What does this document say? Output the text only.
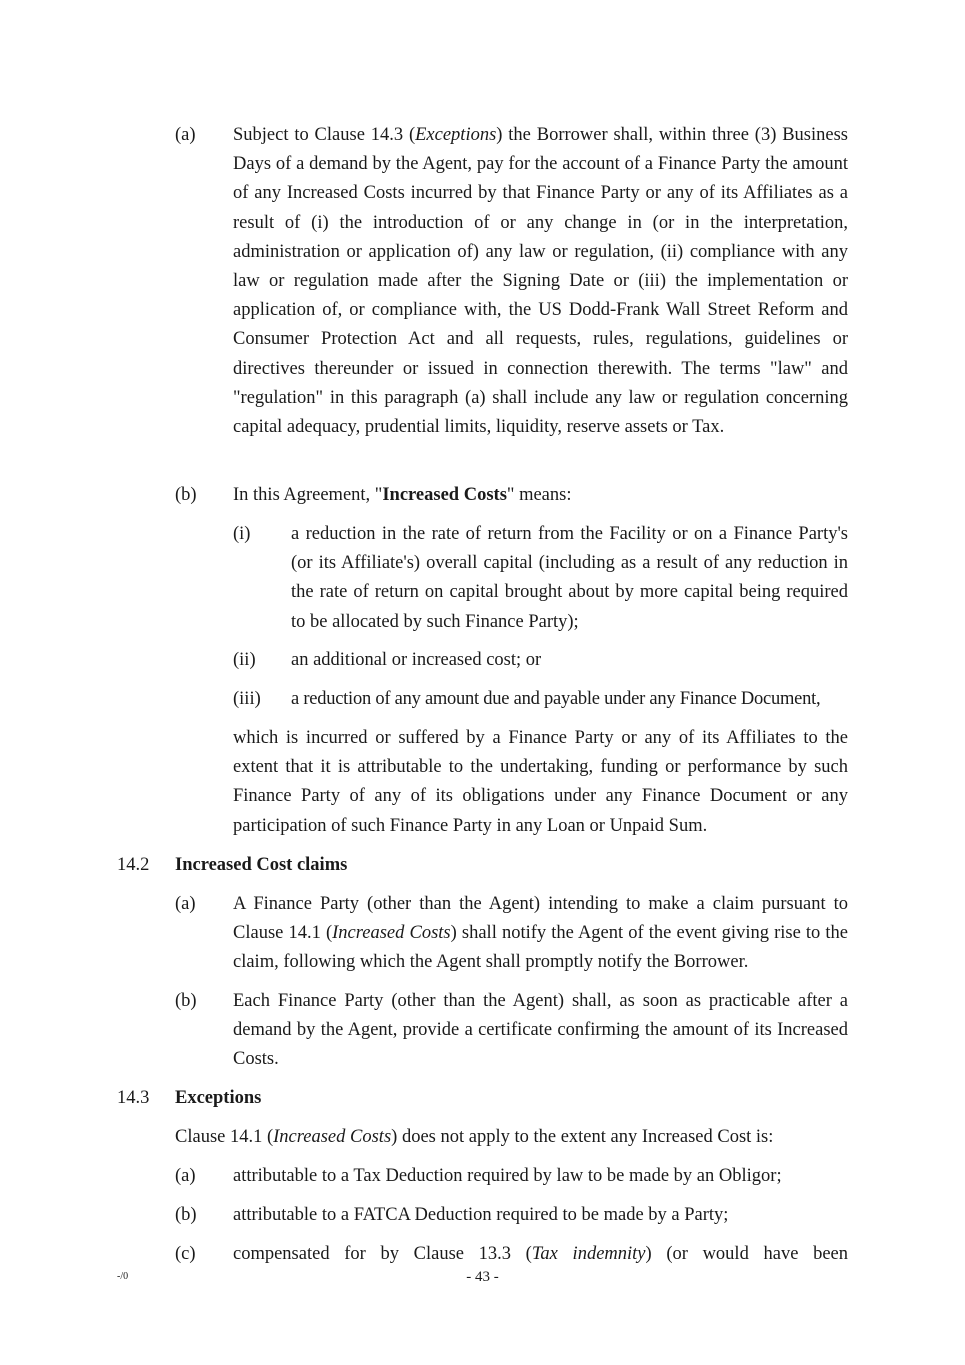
(a) Subject to Clause 14.3 (Exceptions) the Borrower shall, within three (3) Business Days of a demand by the Agent, pay for the account of a Finance Party the amount of any Increased Costs incurred by that Finance Party or any of its Affiliates as a result of (i) the introduction of or any change in (or in the interpretation, administration or application of) any law or regulation, (ii) compliance with any law or regulation made after the Signing Date or (iii) the implementation or application of, or compliance with, the US Dodd-Frank Wall Street Reform and Consumer Protection Act and all requests, rules, regulations, guidelines or directives thereunder or issued in connection therewith. The terms "law" and "regulation" in this paragraph (a) shall include any law or regulation concerning capital adequacy, prudential limits, liquidity, reserve assets or Tax.
(b) In this Agreement, "Increased Costs" means:
(i) a reduction in the rate of return from the Facility or on a Finance Party's (or its Affiliate's) overall capital (including as a result of any reduction in the rate of return on capital brought about by more capital being required to be allocated by such Finance Party);
(ii) an additional or increased cost; or
(iii) a reduction of any amount due and payable under any Finance Document,
which is incurred or suffered by a Finance Party or any of its Affiliates to the extent that it is attributable to the undertaking, funding or performance by such Finance Party of any of its obligations under any Finance Document or any participation of such Finance Party in any Loan or Unpaid Sum.
14.2 Increased Cost claims
(a) A Finance Party (other than the Agent) intending to make a claim pursuant to Clause 14.1 (Increased Costs) shall notify the Agent of the event giving rise to the claim, following which the Agent shall promptly notify the Borrower.
(b) Each Finance Party (other than the Agent) shall, as soon as practicable after a demand by the Agent, provide a certificate confirming the amount of its Increased Costs.
14.3 Exceptions
Clause 14.1 (Increased Costs) does not apply to the extent any Increased Cost is:
(a) attributable to a Tax Deduction required by law to be made by an Obligor;
(b) attributable to a FATCA Deduction required to be made by a Party;
(c) compensated for by Clause 13.3 (Tax indemnity) (or would have been
-/0	- 43 -
